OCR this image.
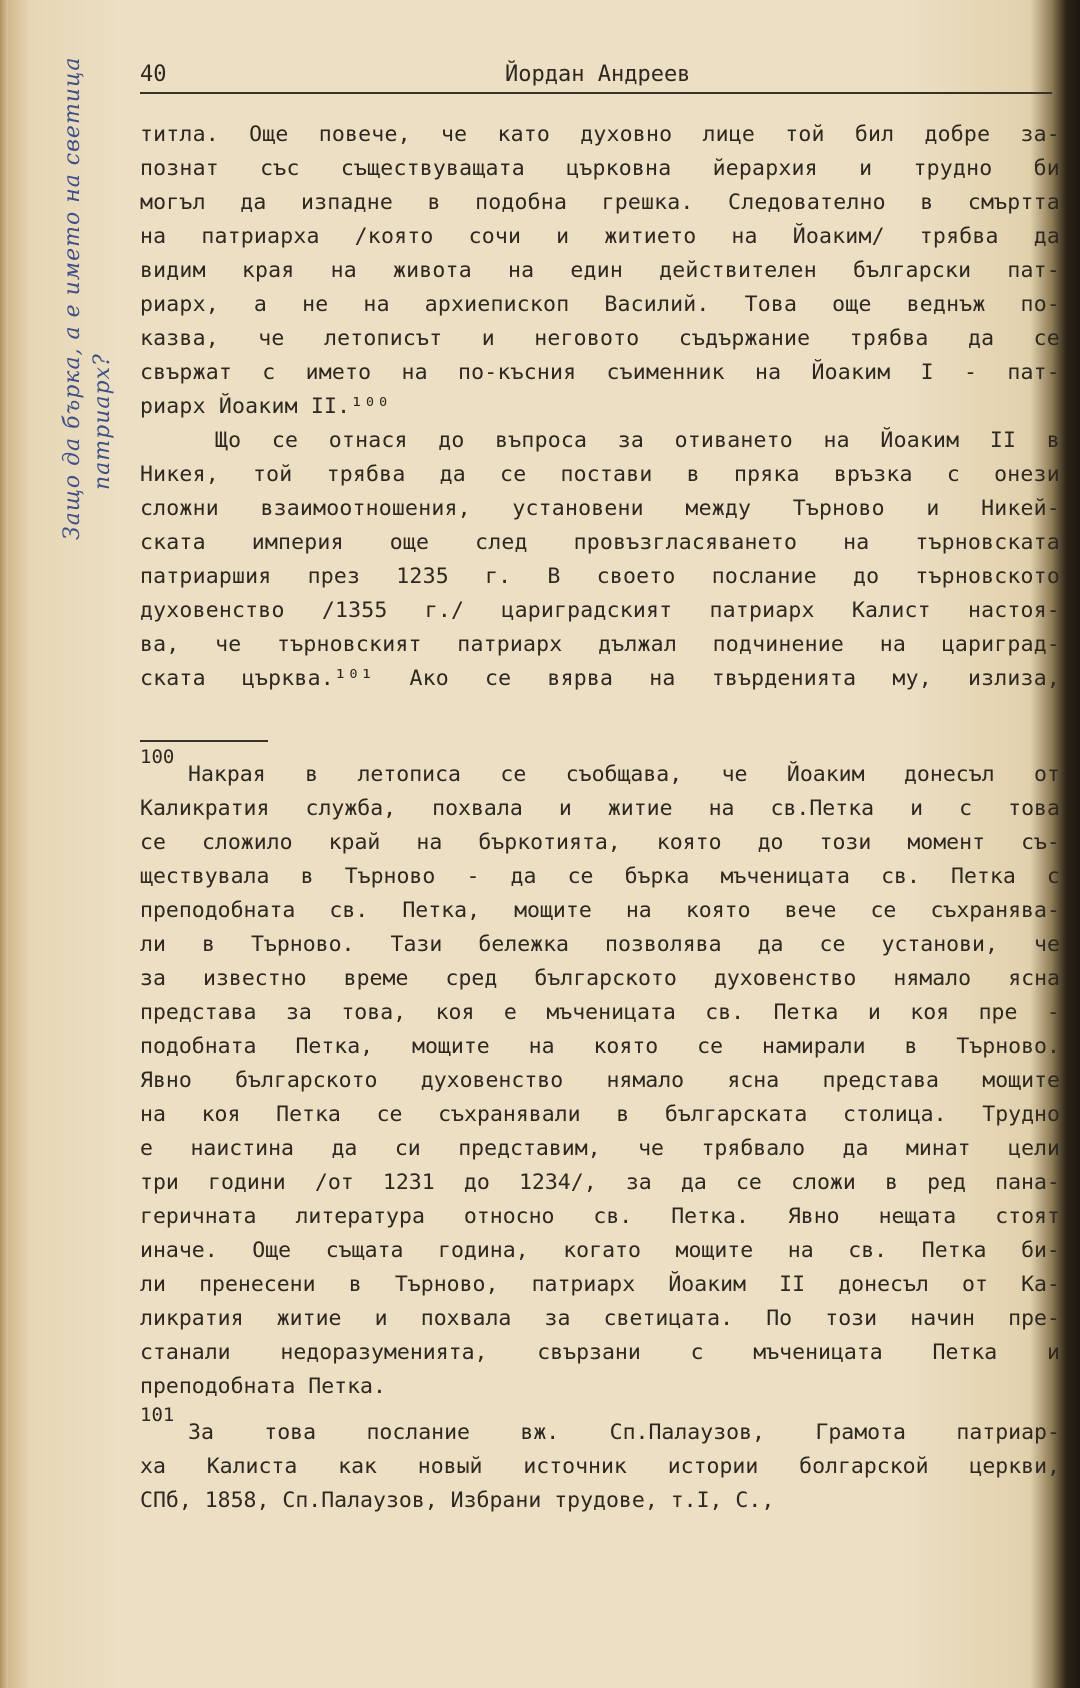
Защо да бърка, а е името на светица патриарх?
40	Йордан Андреев
титла. Още повече, че като духовно лице той бил добре за-
познат със съществуващата църковна йерархия и трудно би
могъл да изпадне в подобна грешка. Следователно в смъртта
на патриарха /която сочи и житието на Йоаким/ трябва да
видим края на живота на един действителен български пат-
риарх, а не на архиепископ Василий. Това още веднъж по-
казва, че летописът и неговото съдържание трябва да се
свържат с името на по-късния съименник на Йоаким I - пат-
риарх Йоаким II.¹⁰⁰
Що се отнася до въпроса за отиването на Йоаким II в
Никея, той трябва да се постави в пряка връзка с онези
сложни взаимоотношения, установени между Търново и Никей-
ската империя още след провъзгласяването на търновската
патриаршия през 1235 г. В своето послание до търновското
духовенство /1355 г./ цариградският патриарх Калист настоя-
ва, че търновският патриарх дължал подчинение на цариград-
ската църква.¹⁰¹ Ако се вярва на твърденията му, излиза,
100
Накрая в летописа се съобщава, че Йоаким донесъл от
Каликратия служба, похвала и житие на св.Петка и с това
се сложило край на бъркотията, която до този момент съ-
ществувала в Търново - да се бърка мъченицата св. Петка с
преподобната св. Петка, мощите на която вече се съхранява-
ли в Търново. Тази бележка позволява да се установи, че
за известно време сред българското духовенство нямало ясна
представа за това, коя е мъченицата св. Петка и коя пре -
подобната Петка, мощите на която се намирали в Търново.
Явно българското духовенство нямало ясна представа мощите
на коя Петка се съхранявали в българската столица. Трудно
е наистина да си представим, че трябвало да минат цели
три години /от 1231 до 1234/, за да се сложи в ред пана-
геричната литература относно св. Петка. Явно нещата стоят
иначе. Още същата година, когато мощите на св. Петка би-
ли пренесени в Търново, патриарх Йоаким II донесъл от Ка-
ликратия житие и похвала за светицата. По този начин пре-
станали недоразуменията, свързани с мъченицата Петка и
преподобната Петка.
101
За това послание вж. Сп.Палаузов, Грамота патриар-
ха Калиста как новый источник истории болгарской церкви,
СПб, 1858, Сп.Палаузов, Избрани трудове, т.I, С.,
